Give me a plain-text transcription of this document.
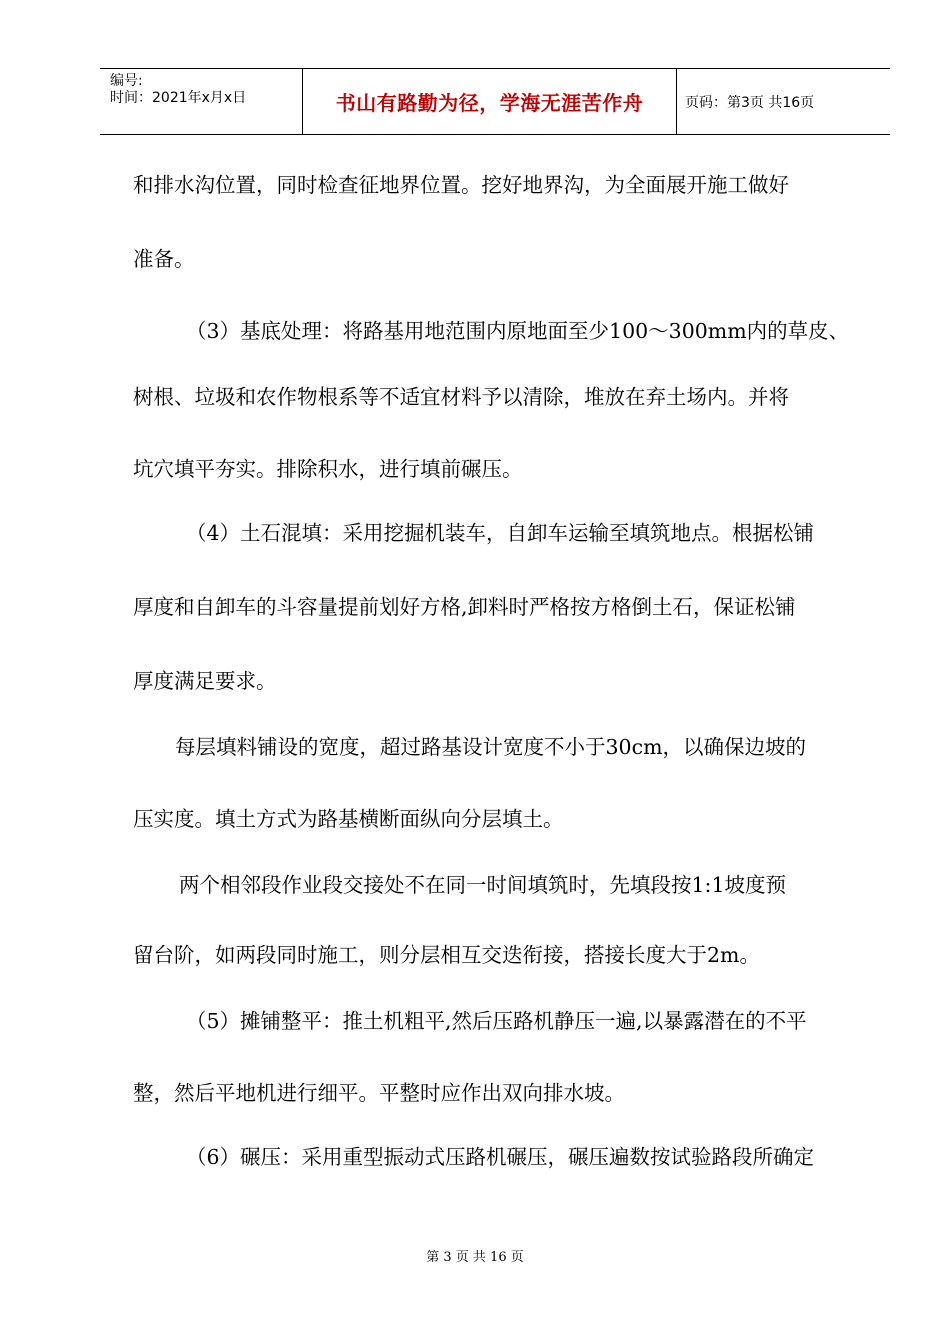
编号:
时间：2021年x月x日	书山有路勤为径，学海无涯苦作舟	页码：第3页 共16页
和排水沟位置，同时检查征地界位置。挖好地界沟，为全面展开施工做好
准备。
（3）基底处理：将路基用地范围内原地面至少100～300mm内的草皮、
树根、垃圾和农作物根系等不适宜材料予以清除，堆放在弃土场内。并将
坑穴填平夯实。排除积水，进行填前碾压。
（4）土石混填：采用挖掘机装车，自卸车运输至填筑地点。根据松铺
厚度和自卸车的斗容量提前划好方格,卸料时严格按方格倒土石，保证松铺
厚度满足要求。
每层填料铺设的宽度，超过路基设计宽度不小于30cm，以确保边坡的
压实度。填土方式为路基横断面纵向分层填土。
两个相邻段作业段交接处不在同一时间填筑时，先填段按1:1坡度预
留台阶，如两段同时施工，则分层相互交迭衔接，搭接长度大于2m。
（5）摊铺整平：推土机粗平,然后压路机静压一遍,以暴露潜在的不平
整，然后平地机进行细平。平整时应作出双向排水坡。
（6）碾压：采用重型振动式压路机碾压，碾压遍数按试验路段所确定
第 3 页 共 16 页
